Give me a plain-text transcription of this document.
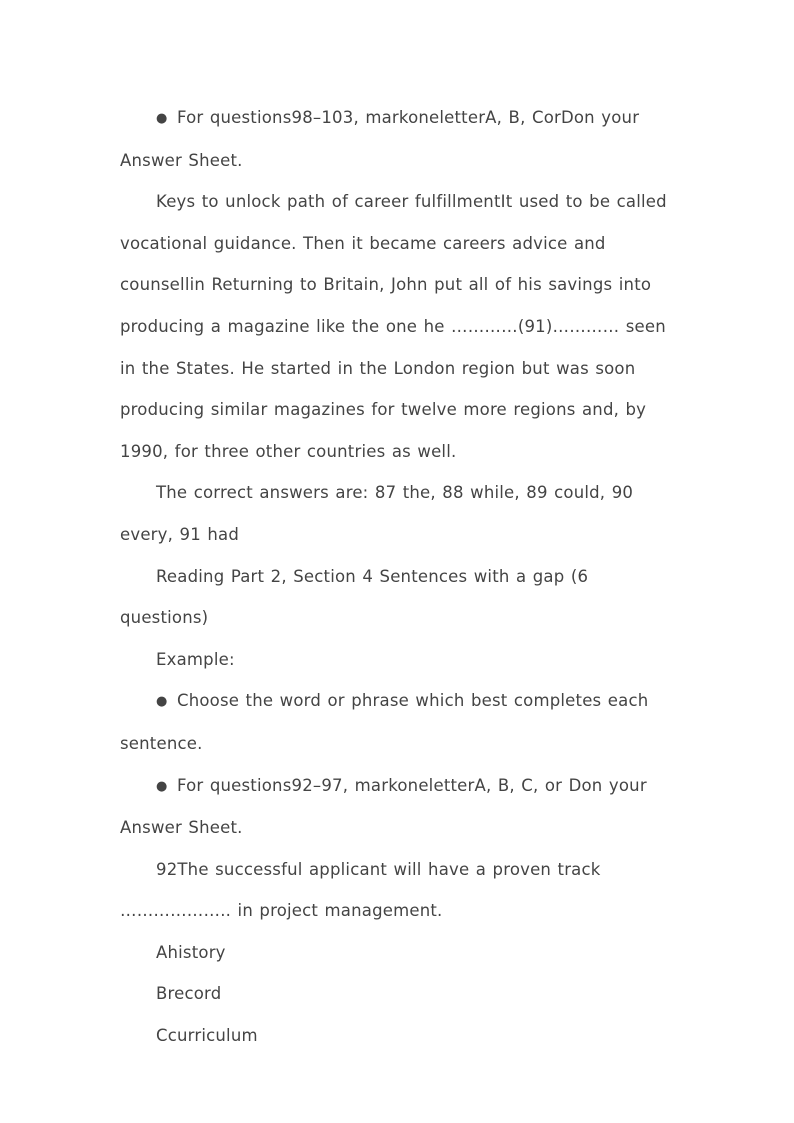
● For questions98–103, markoneletterA, B, CorDon your Answer Sheet.

Keys to unlock path of career fulfillmentIt used to be called vocational guidance. Then it became careers advice and counsellin Returning to Britain, John put all of his savings into producing a magazine like the one he …………(91)………… seen in the States. He started in the London region but was soon producing similar magazines for twelve more regions and, by 1990, for three other countries as well.

The correct answers are: 87 the, 88 while, 89 could, 90 every, 91 had

Reading Part 2, Section 4 Sentences with a gap (6 questions)

Example:

● Choose the word or phrase which best completes each sentence.

● For questions92–97, markoneletterA, B, C, or Don your Answer Sheet.

92The successful applicant will have a proven track ……………….. in project management.

Ahistory

Brecord

Ccurriculum
